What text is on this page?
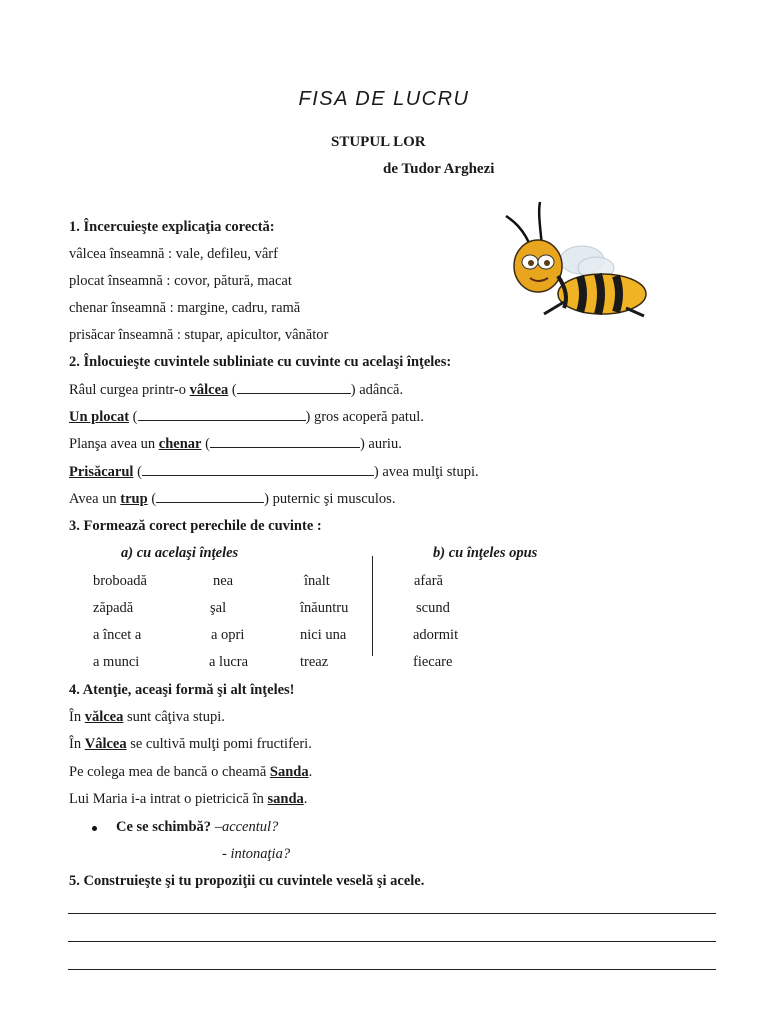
FISA DE LUCRU
STUPUL LOR
de Tudor Arghezi
1. Încercuieşte explicaţia corectă:
vâlcea înseamnă : vale, defileu, vârf
plocat înseamnă : covor, pătură, macat
chenar înseamnă : margine, cadru, ramă
prisăcar înseamnă : stupar, apicultor, vânător
2. Înlocuieşte cuvintele subliniate cu cuvinte cu acelaşi înţeles:
Râul curgea printr-o vâlcea (	) adâncă.
Un plocat (	) gros acoperă patul.
Planşa avea un chenar (	) auriu.
Prisăcarul (	) avea mulţi stupi.
Avea un trup (	) puternic şi musculos.
3. Formează corect perechile de cuvinte :
a) cu acelaşi înţeles	b) cu înţeles opus
broboadă	nea	înalt	afară
zăpadă	şal	înăuntru	scund
a încet a	a opri	nici una	adormit
a munci	a lucra	treaz	fiecare
4. Atenţie, aceaşi formă şi alt înţeles!
În vălcea sunt câţiva stupi.
În Vâlcea se cultivă mulţi pomi fructiferi.
Pe colega mea de bancă o cheamă Sanda.
Lui Maria i-a intrat o pietricică în sanda.
Ce se schimbă? –accentul?
- intonaţia?
5. Construieşte şi tu propoziţii cu cuvintele veselă şi acele.
